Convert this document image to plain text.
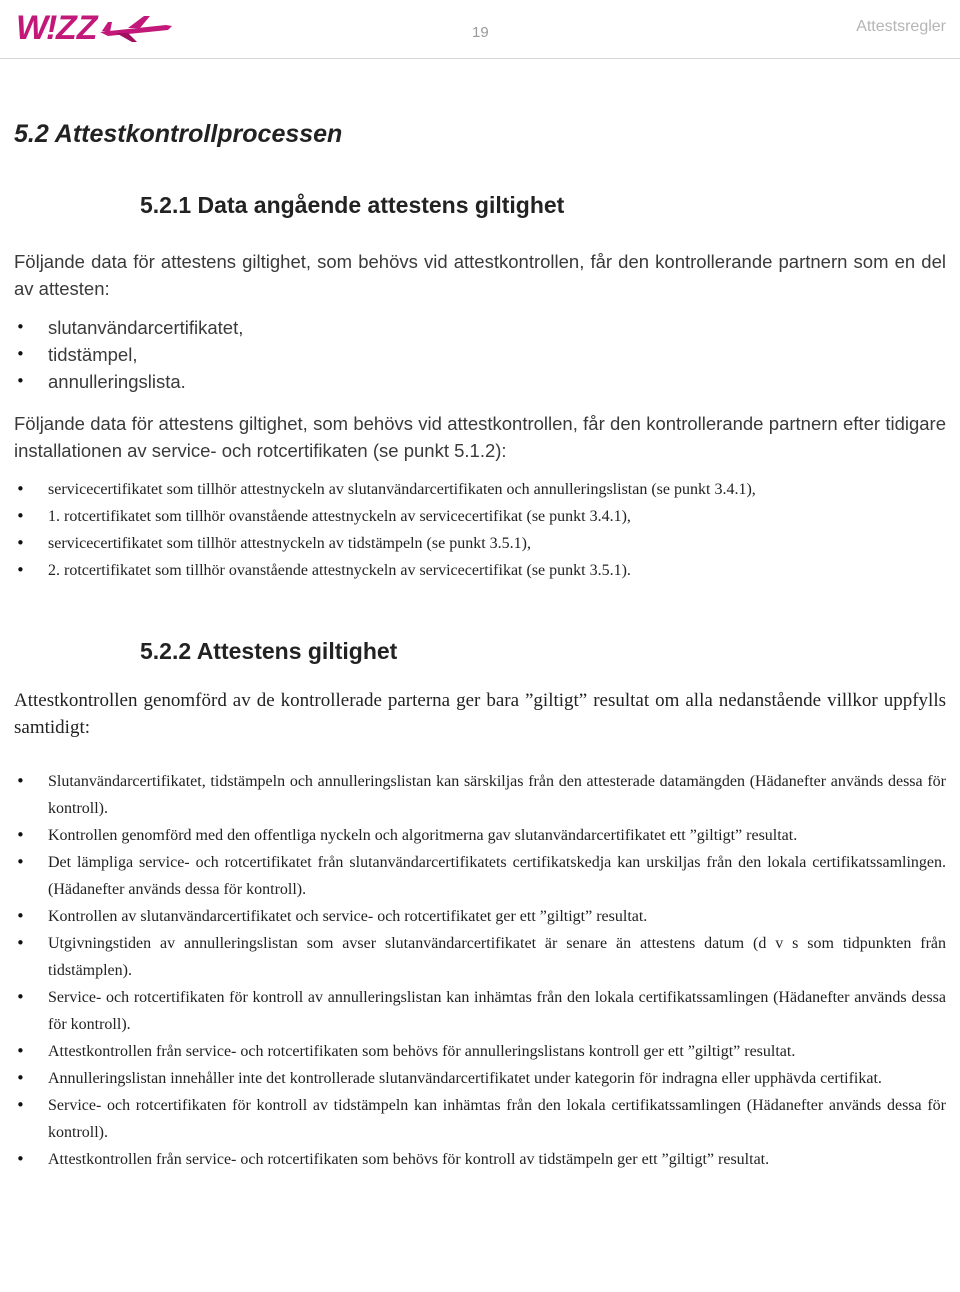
W
!
ZZ	19	Attestsregler
5.2 Attestkontrollprocessen
5.2.1 Data angående attestens giltighet

Följande data för attestens giltighet, som behövs vid attestkontrollen, får den kontrollerande partnern som en del av attesten:

• slutanvändarcertifikatet,
• tidstämpel,
• annulleringslista.

Följande data för attestens giltighet, som behövs vid attestkontrollen, får den kontrollerande partnern efter tidigare installationen av service- och rotcertifikaten (se punkt 5.1.2):

• servicecertifikatet som tillhör attestnyckeln av slutanvändarcertifikaten och annulleringslistan (se punkt 3.4.1),
• 1. rotcertifikatet som tillhör ovanstående attestnyckeln av servicecertifikat (se punkt 3.4.1),
• servicecertifikatet som tillhör attestnyckeln av tidstämpeln (se punkt 3.5.1),
• 2. rotcertifikatet som tillhör ovanstående attestnyckeln av servicecertifikat (se punkt 3.5.1).
5.2.2 Attestens giltighet

Attestkontrollen genomförd av de kontrollerade parterna ger bara ”giltigt” resultat om alla nedanstående villkor uppfylls samtidigt:

• Slutanvändarcertifikatet, tidstämpeln och annulleringslistan kan särskiljas från den attesterade datamängden (Hädanefter används dessa för kontroll).
• Kontrollen genomförd med den offentliga nyckeln och algoritmerna gav slutanvändarcertifikatet ett ”giltigt” resultat.
• Det lämpliga service- och rotcertifikatet från slutanvändarcertifikatets certifikatskedja kan urskiljas från den lokala certifikatssamlingen. (Hädanefter används dessa för kontroll).
• Kontrollen av slutanvändarcertifikatet och service- och rotcertifikatet ger ett ”giltigt” resultat.
• Utgivningstiden av annulleringslistan som avser slutanvändarcertifikatet är senare än attestens datum (d v s som tidpunkten från tidstämplen).
• Service- och rotcertifikaten för kontroll av annulleringslistan kan inhämtas från den lokala certifikatssamlingen (Hädanefter används dessa för kontroll).
• Attestkontrollen från service- och rotcertifikaten som behövs för annulleringslistans kontroll ger ett ”giltigt” resultat.
• Annulleringslistan innehåller inte det kontrollerade slutanvändarcertifikatet under kategorin för indragna eller upphävda certifikat.
• Service- och rotcertifikaten för kontroll av tidstämpeln kan inhämtas från den lokala certifikatssamlingen (Hädanefter används dessa för kontroll).
• Attestkontrollen från service- och rotcertifikaten som behövs för kontroll av tidstämpeln ger ett ”giltigt” resultat.
